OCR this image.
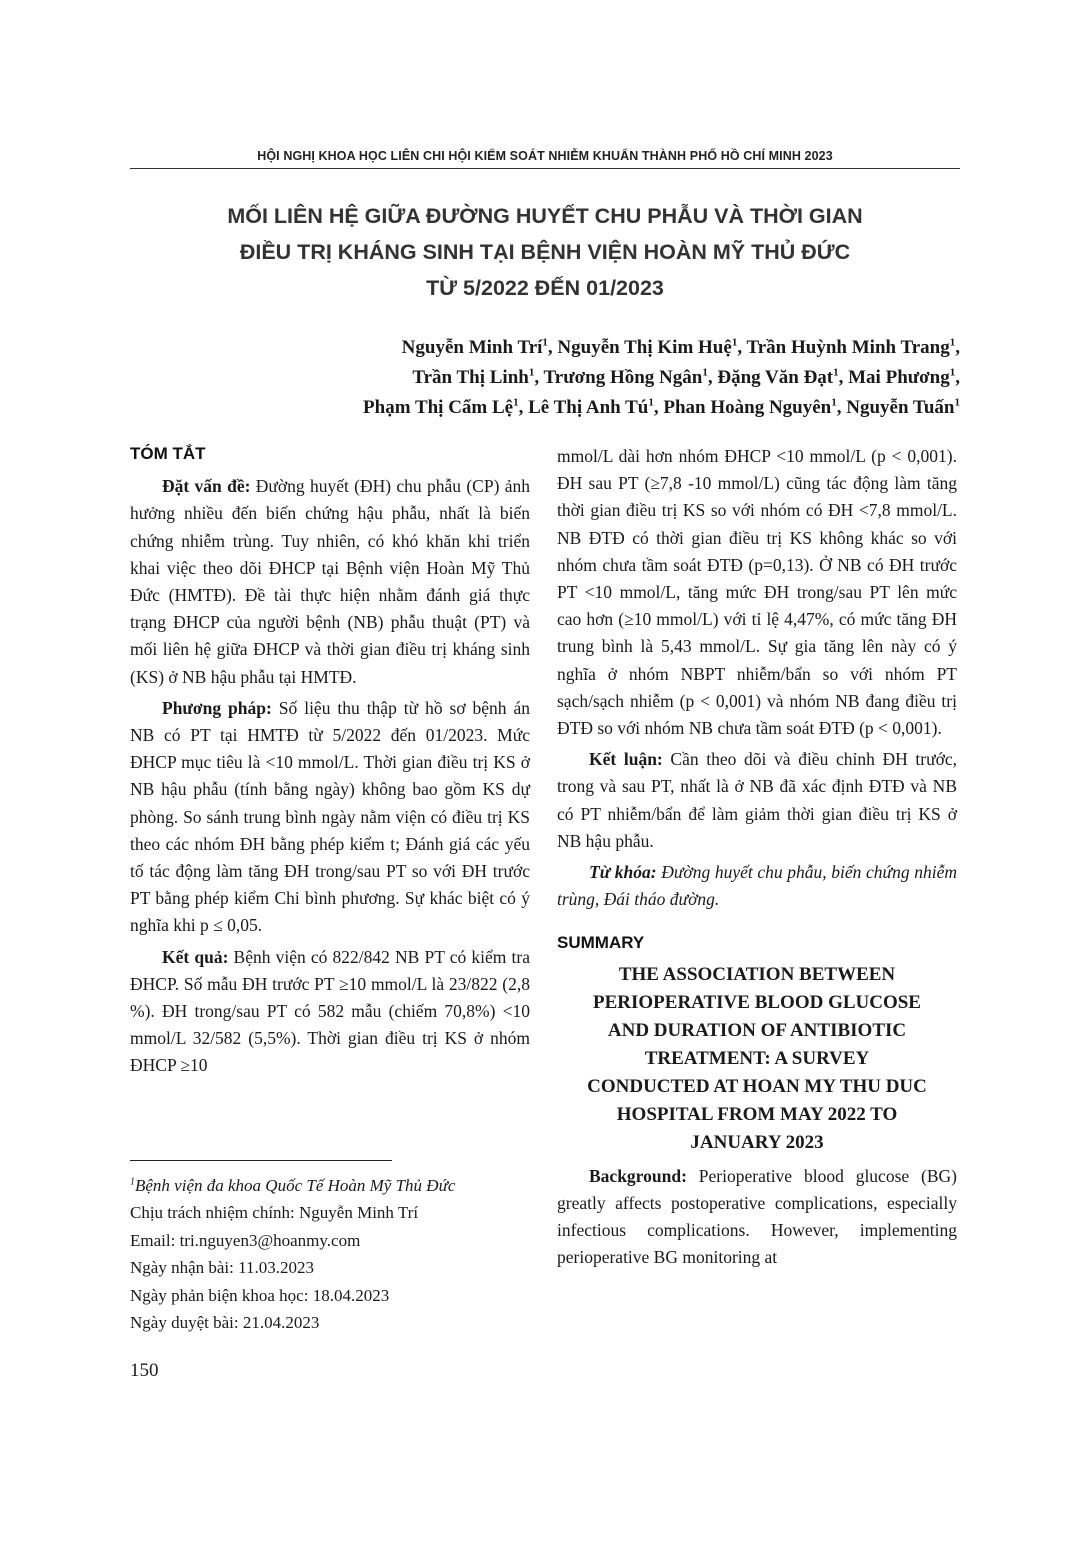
HỘI NGHỊ KHOA HỌC LIÊN CHI HỘI KIỂM SOÁT NHIỄM KHUẨN THÀNH PHỐ HỒ CHÍ MINH 2023
MỐI LIÊN HỆ GIỮA ĐƯỜNG HUYẾT CHU PHẪU VÀ THỜI GIAN
ĐIỀU TRỊ KHÁNG SINH TẠI BỆNH VIỆN HOÀN MỸ THỦ ĐỨC
TỪ 5/2022 ĐẾN 01/2023
Nguyễn Minh Trí$^1$, Nguyễn Thị Kim Huệ$^1$, Trần Huỳnh Minh Trang$^1$,
Trần Thị Linh$^1$, Trương Hồng Ngân$^1$, Đặng Văn Đạt$^1$, Mai Phương$^1$,
Phạm Thị Cẩm Lệ$^1$, Lê Thị Anh $Tú^1$, Phan Hoàng Nguyên$^1$, Nguyễn Tuấn$^1$
TÓM TẮT

Đặt vấn đề: Đường huyết (ĐH) chu phẫu (CP) ảnh hưởng nhiều đến biến chứng hậu phẫu, nhất là biến chứng nhiễm trùng. Tuy nhiên, có khó khăn khi triển khai việc theo dõi ĐHCP tại Bệnh viện Hoàn Mỹ Thủ Đức (HMTĐ). Đề tài thực hiện nhằm đánh giá thực trạng ĐHCP của người bệnh (NB) phẫu thuật (PT) và mối liên hệ giữa ĐHCP và thời gian điều trị kháng sinh (KS) ở NB hậu phẫu tại HMTĐ.

Phương pháp: Số liệu thu thập từ hồ sơ bệnh án NB có PT tại HMTĐ từ 5/2022 đến 01/2023. Mức ĐHCP mục tiêu là <10 mmol/L. Thời gian điều trị KS ở NB hậu phẫu (tính bằng ngày) không bao gồm KS dự phòng. So sánh trung bình ngày nằm viện có điều trị KS theo các nhóm ĐH bằng phép kiểm t; Đánh giá các yếu tố tác động làm tăng ĐH trong/sau PT so với ĐH trước PT bằng phép kiểm Chi bình phương. Sự khác biệt có ý nghĩa khi p ≤ 0,05.

Kết quả: Bệnh viện có 822/842 NB PT có kiểm tra ĐHCP. Số mẫu ĐH trước PT ≥10 mmol/L là 23/822 (2,8 %). ĐH trong/sau PT có 582 mẫu (chiếm 70,8%) <10 mmol/L 32/582 (5,5%). Thời gian điều trị KS ở nhóm ĐHCP ≥10

mmol/L dài hơn nhóm ĐHCP <10 mmol/L (p < 0,001). ĐH sau PT (≥7,8 -10 mmol/L) cũng tác động làm tăng thời gian điều trị KS so với nhóm có ĐH <7,8 mmol/L. NB ĐTĐ có thời gian điều trị KS không khác so với nhóm chưa tầm soát ĐTĐ (p=0,13). Ở NB có ĐH trước PT <10 mmol/L, tăng mức ĐH trong/sau PT lên mức cao hơn (≥10 mmol/L) với tỉ lệ 4,47%, có mức tăng ĐH trung bình là 5,43 mmol/L. Sự gia tăng lên này có ý nghĩa ở nhóm NBPT nhiễm/bẩn so với nhóm PT sạch/sạch nhiễm (p < 0,001) và nhóm NB đang điều trị ĐTĐ so với nhóm NB chưa tầm soát ĐTĐ (p < 0,001).

Kết luận: Cần theo dõi và điều chỉnh ĐH trước, trong và sau PT, nhất là ở NB đã xác định ĐTĐ và NB có PT nhiễm/bẩn để làm giảm thời gian điều trị KS ở NB hậu phẫu.

Từ khóa: Đường huyết chu phẫu, biến chứng nhiễm trùng, Đái tháo đường.

SUMMARY
THE ASSOCIATION BETWEEN
PERIOPERATIVE BLOOD GLUCOSE
AND DURATION OF ANTIBIOTIC
TREATMENT: A SURVEY
CONDUCTED AT HOAN MY THU DUC
HOSPITAL FROM MAY 2022 TO
JANUARY 2023

Background: Perioperative blood glucose (BG) greatly affects postoperative complications, especially infectious complications. However, implementing perioperative BG monitoring at

$^1$Bệnh viện đa khoa Quốc Tế Hoàn Mỹ Thủ Đức
Chịu trách nhiệm chính: Nguyễn Minh Trí
Email: tri.nguyen3@hoanmy.com
Ngày nhận bài: 11.03.2023
Ngày phản biện khoa học: 18.04.2023
Ngày duyệt bài: 21.04.2023
150
